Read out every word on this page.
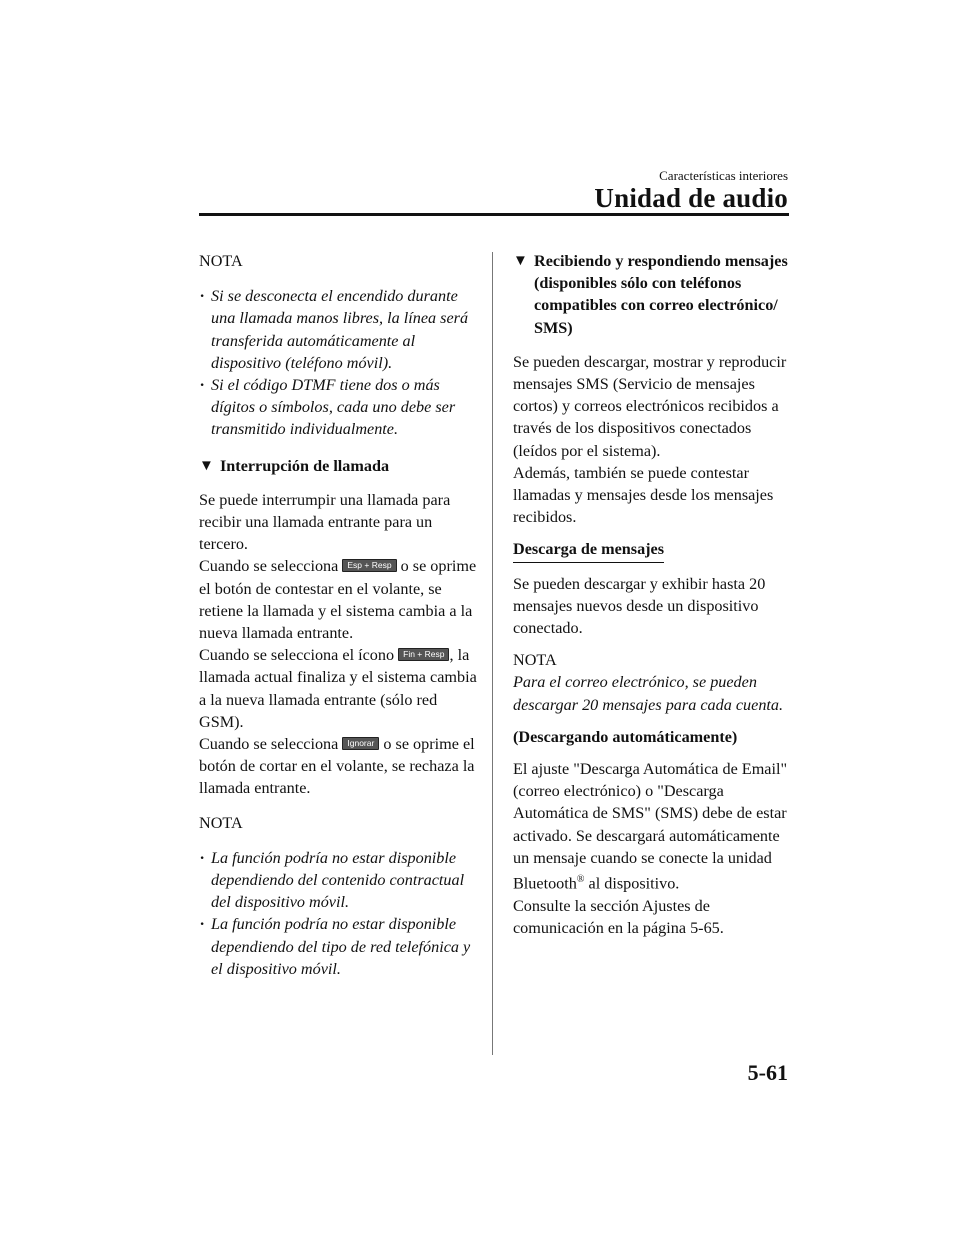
Características interiores
Unidad de audio

NOTA

· Si se desconecta el encendido durante una llamada manos libres, la línea será transferida automáticamente al dispositivo (teléfono móvil).

· Si el código DTMF tiene dos o más dígitos o símbolos, cada uno debe ser transmitido individualmente.

▼ Interrupción de llamada

Se puede interrumpir una llamada para recibir una llamada entrante para un tercero.

Cuando se selecciona Esp + Resp o se oprime el botón de contestar en el volante, se retiene la llamada y el sistema cambia a la nueva llamada entrante.

Cuando se selecciona el ícono Fin + Resp , la llamada actual finaliza y el sistema cambia a la nueva llamada entrante (sólo red GSM).

Cuando se selecciona Ignorar o se oprime el botón de cortar en el volante, se rechaza la llamada entrante.

NOTA

· La función podría no estar disponible dependiendo del contenido contractual del dispositivo móvil.

· La función podría no estar disponible dependiendo del tipo de red telefónica y el dispositivo móvil.

▼ Recibiendo y respondiendo mensajes (disponibles sólo con teléfonos compatibles con correo electrónico/ SMS)

Se pueden descargar, mostrar y reproducir mensajes SMS (Servicio de mensajes cortos) y correos electrónicos recibidos a través de los dispositivos conectados (leídos por el sistema).

Además, también se puede contestar llamadas y mensajes desde los mensajes recibidos.

Descarga de mensajes

Se pueden descargar y exhibir hasta 20 mensajes nuevos desde un dispositivo conectado.

NOTA

Para el correo electrónico, se pueden descargar 20 mensajes para cada cuenta.

(Descargando automáticamente)

El ajuste "Descarga Automática de Email" (correo electrónico) o "Descarga Automática de SMS" (SMS) debe de estar activado. Se descargará automáticamente un mensaje cuando se conecte la unidad Bluetooth® al dispositivo.

Consulte la sección Ajustes de comunicación en la página 5-65.

5-61
